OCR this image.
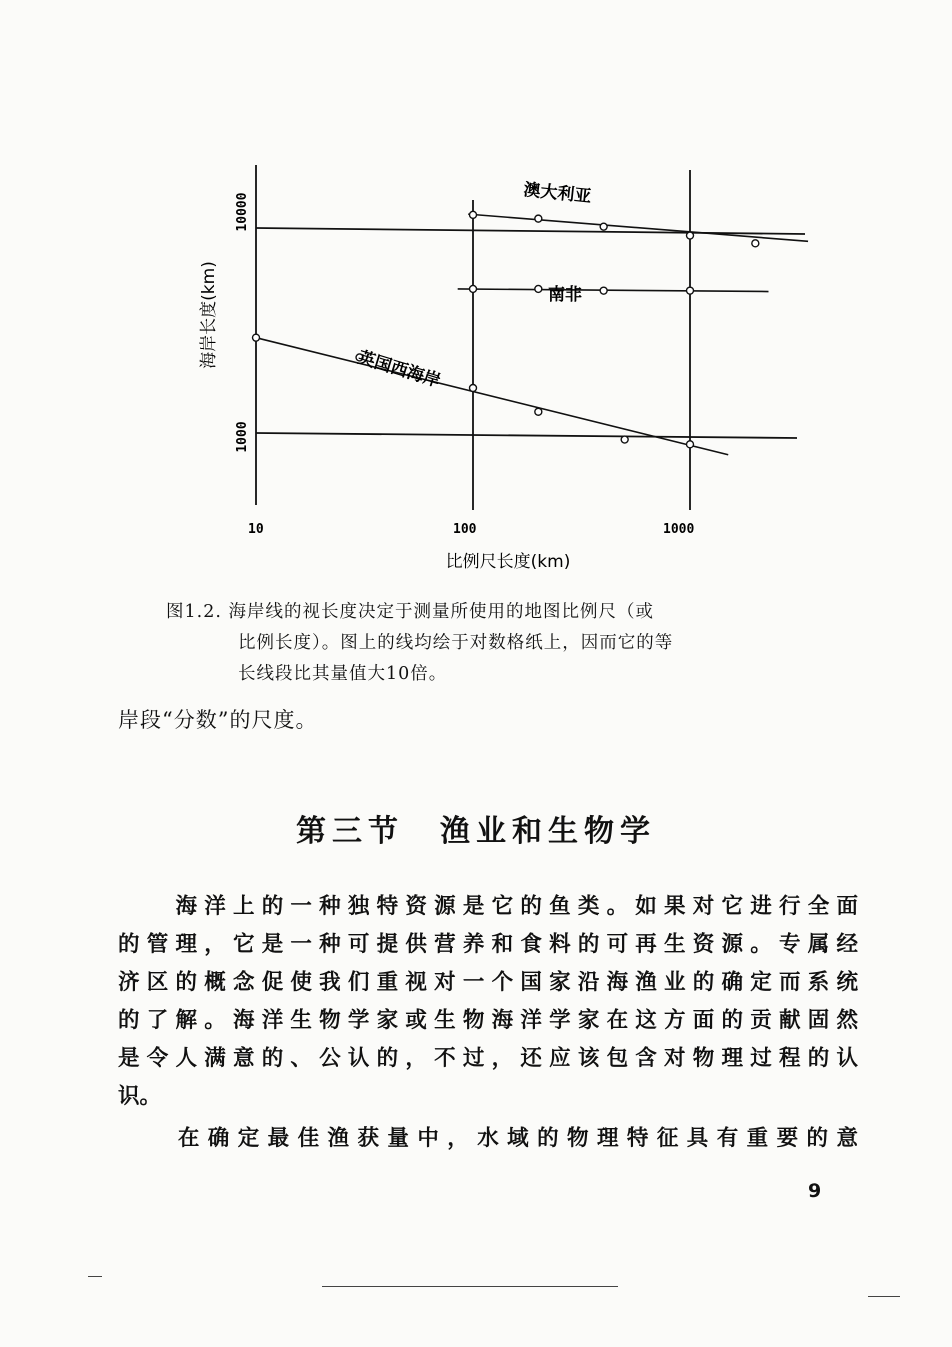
10	100	1000
10000
1000
澳大利亚
南非
英国西海岸
比例尺长度(km)
海岸长度(km)
图1.2. 海岸线的视长度决定于测量所使用的地图比例尺（或
比例长度）。图上的线均绘于对数格纸上，因而它的等
长线段比其量值大10倍。
岸段“分数”的尺度。
第三节 渔业和生物学
　　海洋上的一种独特资源是它的鱼类。如果对它进行全面
的管理，它是一种可提供营养和食料的可再生资源。专属经
济区的概念促使我们重视对一个国家沿海渔业的确定而系统
的了解。海洋生物学家或生物海洋学家在这方面的贡献固然
是令人满意的、公认的，不过，还应该包含对物理过程的认
识。
　　在确定最佳渔获量中，水域的物理特征具有重要的意
9
